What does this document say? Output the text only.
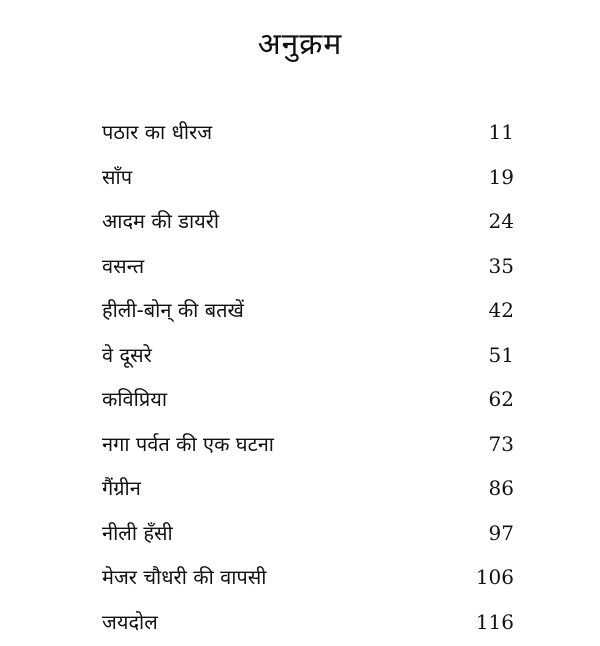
अनुक्रम
पठार का धीरज	11
साँप	19
आदम की डायरी	24
वसन्त	35
हीली-बोन् की बतखें	42
वे दूसरे	51
कविप्रिया	62
नगा पर्वत की एक घटना	73
गैंग्रीन	86
नीली हँसी	97
मेजर चौधरी की वापसी	106
जयदोल	116
